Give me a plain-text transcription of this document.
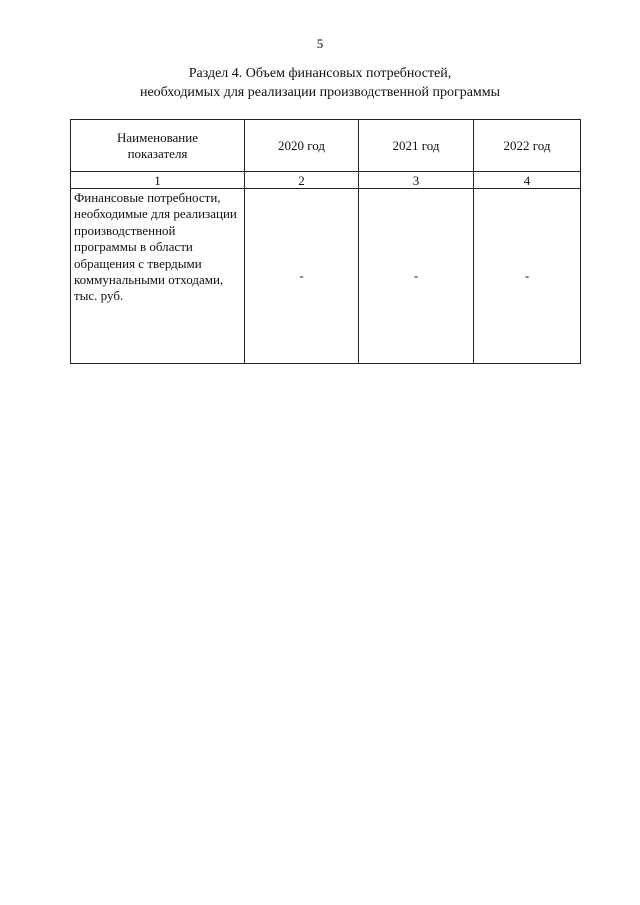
5
Раздел 4. Объем финансовых потребностей,
необходимых для реализации производственной программы
Наименование показателя	2020 год	2021 год	2022 год
1	2	3	4
Финансовые потребности, необходимые для реализации производственной программы в области обращения с твердыми коммунальными отходами, тыс. руб.	-	-	-
